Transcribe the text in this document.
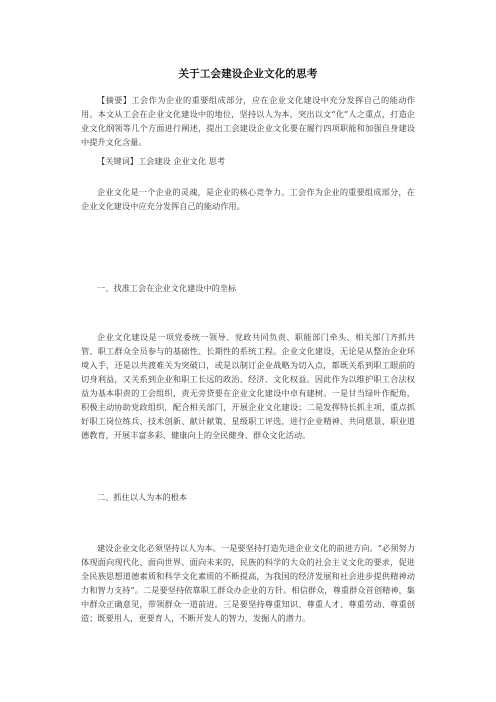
关于工会建设企业文化的思考
【摘要】工会作为企业的重要组成部分，应在企业文化建设中充分发挥自己的能动作用。本文从工会在企业文化建设中的地位，坚持以人为本，突出以文“化”人之重点，打造企业文化纲领等几个方面进行阐述，提出工会建设企业文化要在履行四项职能和加强自身建设中提升文化含量。
【关键词】工会建设 企业文化 思考
企业文化是一个企业的灵魂，是企业的核心竞争力。工会作为企业的重要组成部分，在企业文化建设中应充分发挥自己的能动作用。
一、找准工会在企业文化建设中的坐标
企业文化建设是一项党委统一领导、党政共同负责、职能部门牵头、相关部门齐抓共管、职工群众全员参与的基础性、长期性的系统工程。企业文化建设，无论是从整治企业环境入手，还是以共渡难关为突破口，或是以制订企业战略为切入点，都既关系到职工眼前的切身利益，又关系到企业和职工长远的政治、经济、文化权益。因此作为以维护职工合法权益为基本职责的工会组织，责无旁贷要在企业文化建设中卓有建树。一是甘当绿叶作配角，积极主动协助党政组织，配合相关部门，开展企业文化建设；二是发挥特长抓主项，重点抓好职工岗位练兵、技术创新、献计献策、星级职工评选，进行企业精神、共同愿景、职业道德教育，开展丰富多彩、健康向上的全民健身、群众文化活动。
二、抓住以人为本的根本
建设企业文化必须坚持以人为本。一是要坚持打造先进企业文化的前进方向。“必须努力体现面向现代化、面向世界、面向未来的，民族的科学的大众的社会主义文化的要求，促进全民族思想道德素质和科学文化素质的不断提高，为我国的经济发展和社会进步提供精神动力和智力支持”。二是要坚持依靠职工群众办企业的方针。相信群众，尊重群众首创精神，集中群众正确意见，带领群众一道前进。三是要坚持尊重知识、尊重人才、尊重劳动、尊重创造；既要用人，更要育人，不断开发人的智力，发掘人的潜力。
